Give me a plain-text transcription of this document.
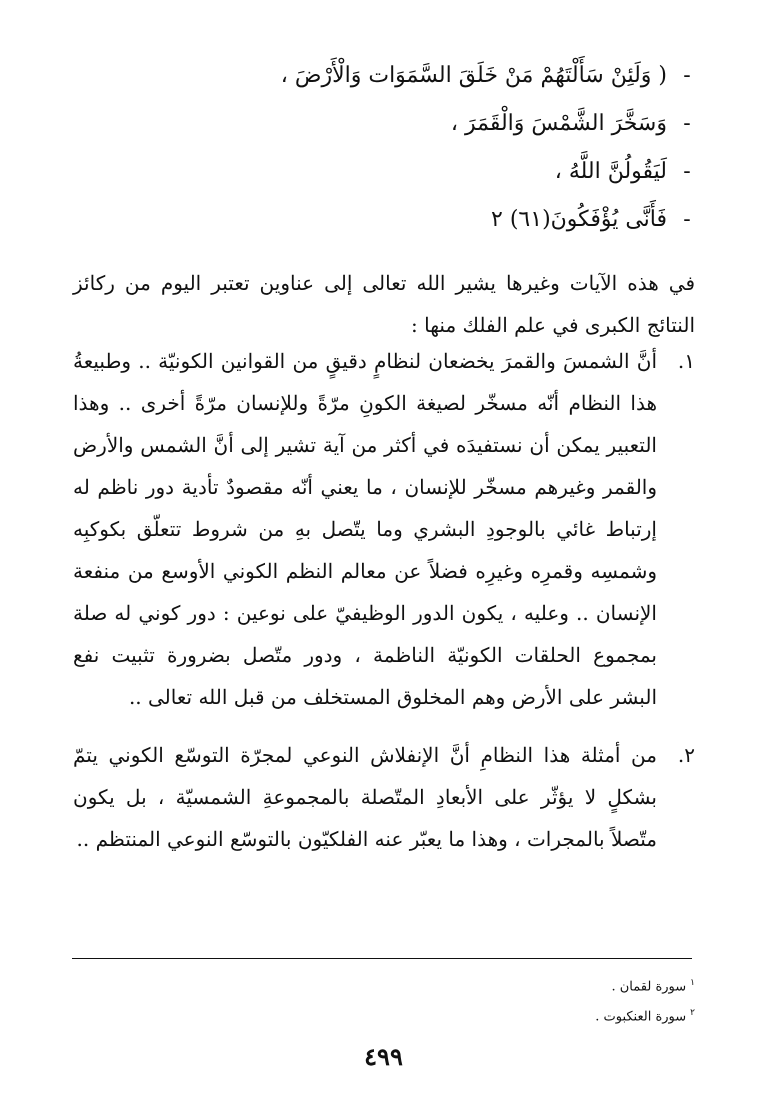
-
( وَلَئِنْ سَأَلْتَهُمْ مَنْ خَلَقَ السَّمَوَات وَالْأَرْضَ ،
-
وَسَخَّرَ الشَّمْسَ وَالْقَمَرَ ،
-
لَيَقُولُنَّ اللَّهُ ،
-
فَأَنَّى يُؤْفَكُونَ(٦١) ٢

في هذه الآيات وغيرها يشير الله تعالى إلى عناوين تعتبر اليوم من ركائز النتائج الكبرى في علم الفلك منها :

١.
أنَّ الشمسَ والقمرَ يخضعان لنظامٍ دقيقٍ من القوانين الكونيّة .. وطبيعةُ هذا النظام أنّه مسخّر لصيغة الكونِ مرّةً وللإنسان مرّةً أخرى .. وهذا التعبير يمكن أن نستفيدَه في أكثر من آية تشير إلى أنَّ الشمس والأرض والقمر وغيرهم مسخّر للإنسان ، ما يعني أنّه مقصودٌ تأدية دور ناظم له إرتباط غائي بالوجودِ البشري وما يتّصل بهِ من شروط تتعلّق بكوكبِه وشمسِه وقمرِه وغيرِه فضلاً عن معالم النظم الكوني الأوسع من منفعة الإنسان .. وعليه ، يكون الدور الوظيفيّ على نوعين : دور كوني له صلة بمجموع الحلقات الكونيّة الناظمة ، ودور متّصل بضرورة تثبيت نفع البشر على الأرض وهم المخلوق المستخلف من قبل الله تعالى ..
٢.
من أمثلة هذا النظامِ أنَّ الإنفلاش النوعي لمجرّة التوسّع الكوني يتمّ بشكلٍ لا يؤثّر على الأبعادِ المتّصلة بالمجموعةِ الشمسيّة ، بل يكون متّصلاً بالمجرات ، وهذا ما يعبّر عنه الفلكيّون بالتوسّع النوعي المنتظم ..
$^١$سورة لقمان .
$^٢$سورة العنكبوت .
٤٩٩
